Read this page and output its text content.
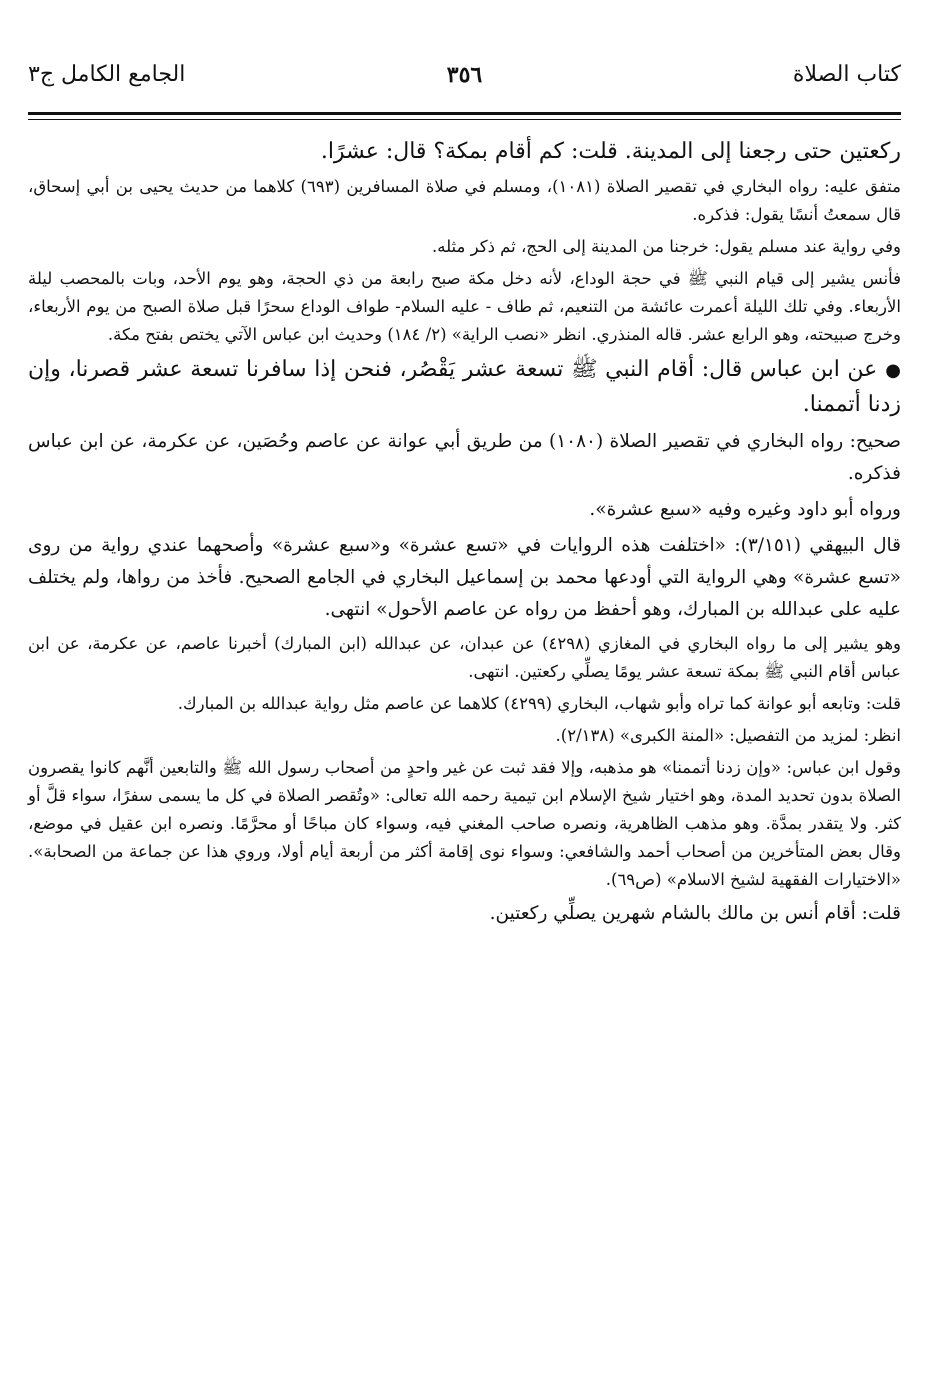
كتاب الصلاة
٣٥٦
الجامع الكامل ج٣

ركعتين حتى رجعنا إلى المدينة. قلت: كم أقام بمكة؟ قال: عشرًا.

متفق عليه: رواه البخاري في تقصير الصلاة (١٠٨١)، ومسلم في صلاة المسافرين (٦٩٣) كلاهما من حديث يحيى بن أبي إسحاق، قال سمعتُ أنسًا يقول: فذكره.

وفي رواية عند مسلم يقول: خرجنا من المدينة إلى الحج، ثم ذكر مثله.

فأنس يشير إلى قيام النبي ﷺ في حجة الوداع، لأنه دخل مكة صبح رابعة من ذي الحجة، وهو يوم الأحد، وبات بالمحصب ليلة الأربعاء. وفي تلك الليلة أعمرت عائشة من التنعيم، ثم طاف - عليه السلام- طواف الوداع سحرًا قبل صلاة الصبح من يوم الأربعاء، وخرج صبيحته، وهو الرابع عشر. قاله المنذري. انظر «نصب الراية» (٢/ ١٨٤) وحديث ابن عباس الآتي يختص بفتح مكة.

●عن ابن عباس قال: أقام النبي ﷺ تسعة عشر يَقْصُر، فنحن إذا سافرنا تسعة عشر قصرنا، وإن زدنا أتممنا.

صحيح: رواه البخاري في تقصير الصلاة (١٠٨٠) من طريق أبي عوانة عن عاصم وحُصَين، عن عكرمة، عن ابن عباس فذكره.

ورواه أبو داود وغيره وفيه «سبع عشرة».

قال البيهقي (٣/١٥١): «اختلفت هذه الروايات في «تسع عشرة» و«سبع عشرة» وأصحهما عندي رواية من روى «تسع عشرة» وهي الرواية التي أودعها محمد بن إسماعيل البخاري في الجامع الصحيح. فأخذ من رواها، ولم يختلف عليه على عبدالله بن المبارك، وهو أحفظ من رواه عن عاصم الأحول» انتهى.

وهو يشير إلى ما رواه البخاري في المغازي (٤٢٩٨) عن عبدان، عن عبدالله (ابن المبارك) أخبرنا عاصم، عن عكرمة، عن ابن عباس أقام النبي ﷺ بمكة تسعة عشر يومًا يصلِّي ركعتين. انتهى.

قلت: وتابعه أبو عوانة كما تراه وأبو شهاب، البخاري (٤٢٩٩) كلاهما عن عاصم مثل رواية عبدالله بن المبارك.

انظر: لمزيد من التفصيل: «المنة الكبرى» (٢/١٣٨).

وقول ابن عباس: «وإن زدنا أتممنا» هو مذهبه، وإلا فقد ثبت عن غير واحدٍ من أصحاب رسول الله ﷺ والتابعين أنَّهم كانوا يقصرون الصلاة بدون تحديد المدة، وهو اختيار شيخ الإسلام ابن تيمية رحمه الله تعالى: «وتُقصر الصلاة في كل ما يسمى سفرًا، سواء قلَّ أو كثر. ولا يتقدر بمدَّة. وهو مذهب الظاهرية، ونصره صاحب المغني فيه، وسواء كان مباحًا أو محرَّمًا. ونصره ابن عقيل في موضع، وقال بعض المتأخرين من أصحاب أحمد والشافعي: وسواء نوى إقامة أكثر من أربعة أيام أولا، وروي هذا عن جماعة من الصحابة». «الاختيارات الفقهية لشيخ الاسلام» (ص٦٩).

قلت: أقام أنس بن مالك بالشام شهرين يصلِّي ركعتين.
